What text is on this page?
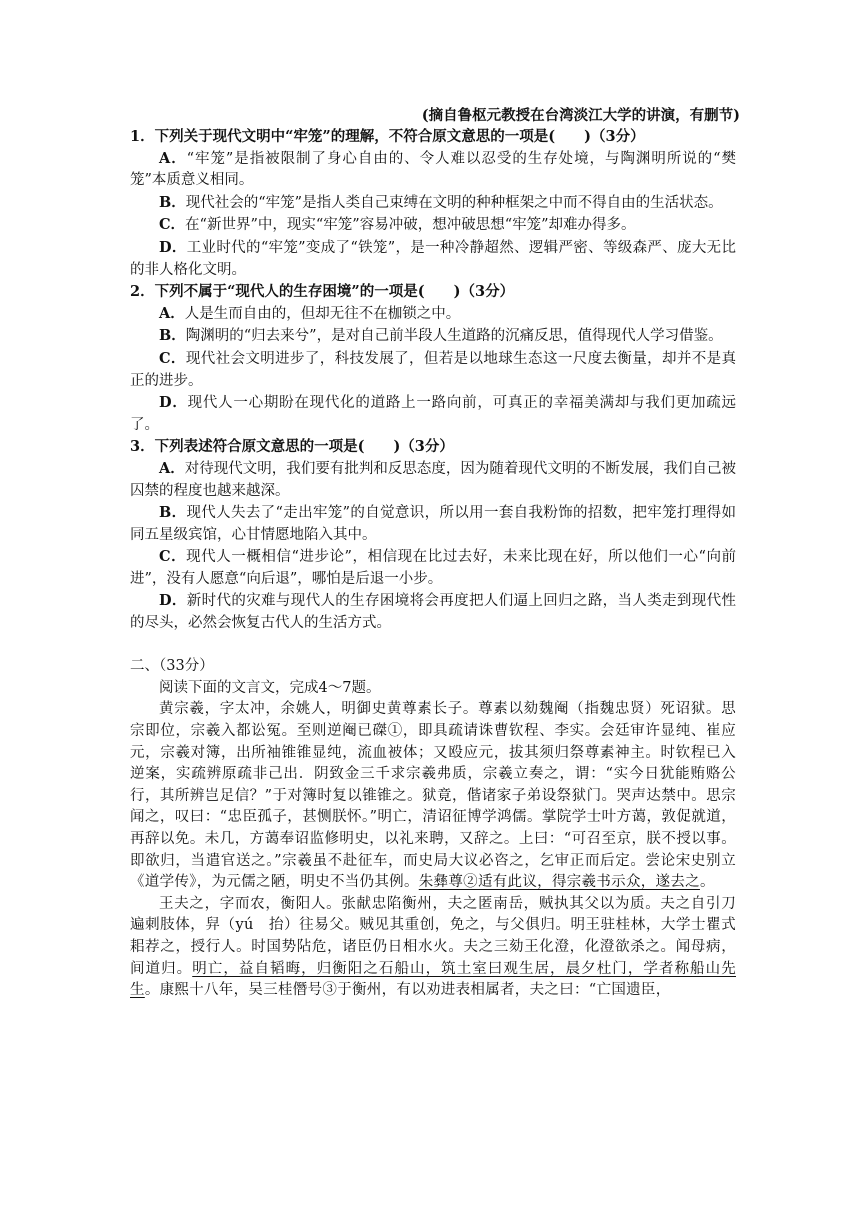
(摘自鲁枢元教授在台湾淡江大学的讲演，有删节)

1．下列关于现代文明中“牢笼”的理解，不符合原文意思的一项是(　　)（3分）

A．“牢笼”是指被限制了身心自由的、令人难以忍受的生存处境，与陶渊明所说的“樊笼”本质意义相同。

B．现代社会的“牢笼”是指人类自己束缚在文明的种种框架之中而不得自由的生活状态。

C．在“新世界”中，现实“牢笼”容易冲破，想冲破思想“牢笼”却难办得多。

D．工业时代的“牢笼”变成了“铁笼”，是一种冷静超然、逻辑严密、等级森严、庞大无比的非人格化文明。

2．下列不属于“现代人的生存困境”的一项是(　　)（3分）

A．人是生而自由的，但却无往不在枷锁之中。

B．陶渊明的“归去来兮”，是对自己前半段人生道路的沉痛反思，值得现代人学习借鉴。

C．现代社会文明进步了，科技发展了，但若是以地球生态这一尺度去衡量，却并不是真正的进步。

D．现代人一心期盼在现代化的道路上一路向前，可真正的幸福美满却与我们更加疏远了。

3．下列表述符合原文意思的一项是(　　)（3分）

A．对待现代文明，我们要有批判和反思态度，因为随着现代文明的不断发展，我们自己被囚禁的程度也越来越深。

B．现代人失去了“走出牢笼”的自觉意识，所以用一套自我粉饰的招数，把牢笼打理得如同五星级宾馆，心甘情愿地陷入其中。

C．现代人一概相信“进步论”，相信现在比过去好，未来比现在好，所以他们一心“向前进”，没有人愿意“向后退”，哪怕是后退一小步。

D．新时代的灾难与现代人的生存困境将会再度把人们逼上回归之路，当人类走到现代性的尽头，必然会恢复古代人的生活方式。

二、（33分）

阅读下面的文言文，完成4～7题。

黄宗羲，字太冲，余姚人，明御史黄尊素长子。尊素以劾魏阉（指魏忠贤）死诏狱。思宗即位，宗羲入都讼冤。至则逆阉已磔①，即具疏请诛曹钦程、李实。会廷审许显纯、崔应元，宗羲对簿，出所袖锥锥显纯，流血被体；又殴应元，拔其须归祭尊素神主。时钦程已入逆案，实疏辨原疏非己出．阴致金三千求宗羲弗质，宗羲立奏之，谓：“实今日犹能贿赂公行，其所辨岂足信？”于对簿时复以锥锥之。狱竟，偕诸家子弟设祭狱门。哭声达禁中。思宗闻之，叹曰：“忠臣孤子，甚恻朕怀。”明亡，清诏征博学鸿儒。掌院学士叶方蔼，敦促就道，再辞以免。未几，方蔼奉诏监修明史，以礼来聘，又辞之。上曰：“可召至京，朕不授以事。即欲归，当遣官送之。”宗羲虽不赴征车，而史局大议必咨之，乞审正而后定。尝论宋史别立《道学传》，为元儒之陋，明史不当仍其例。朱彝尊②适有此议，得宗羲书示众，遂去之。

王夫之，字而农，衡阳人。张献忠陷衡州，夫之匿南岳，贼执其父以为质。夫之自引刀遍刺肢体，舁（yú　抬）往易父。贼见其重创，免之，与父俱归。明王驻桂林，大学士瞿式耜荐之，授行人。时国势阽危，诸臣仍日相水火。夫之三劾王化澄，化澄欲杀之。闻母病，间道归。明亡，益自韬晦，归衡阳之石船山，筑土室曰观生居，晨夕杜门，学者称船山先生。康熙十八年，吴三桂僭号③于衡州，有以劝进表相属者，夫之曰：“亡国遗臣，
